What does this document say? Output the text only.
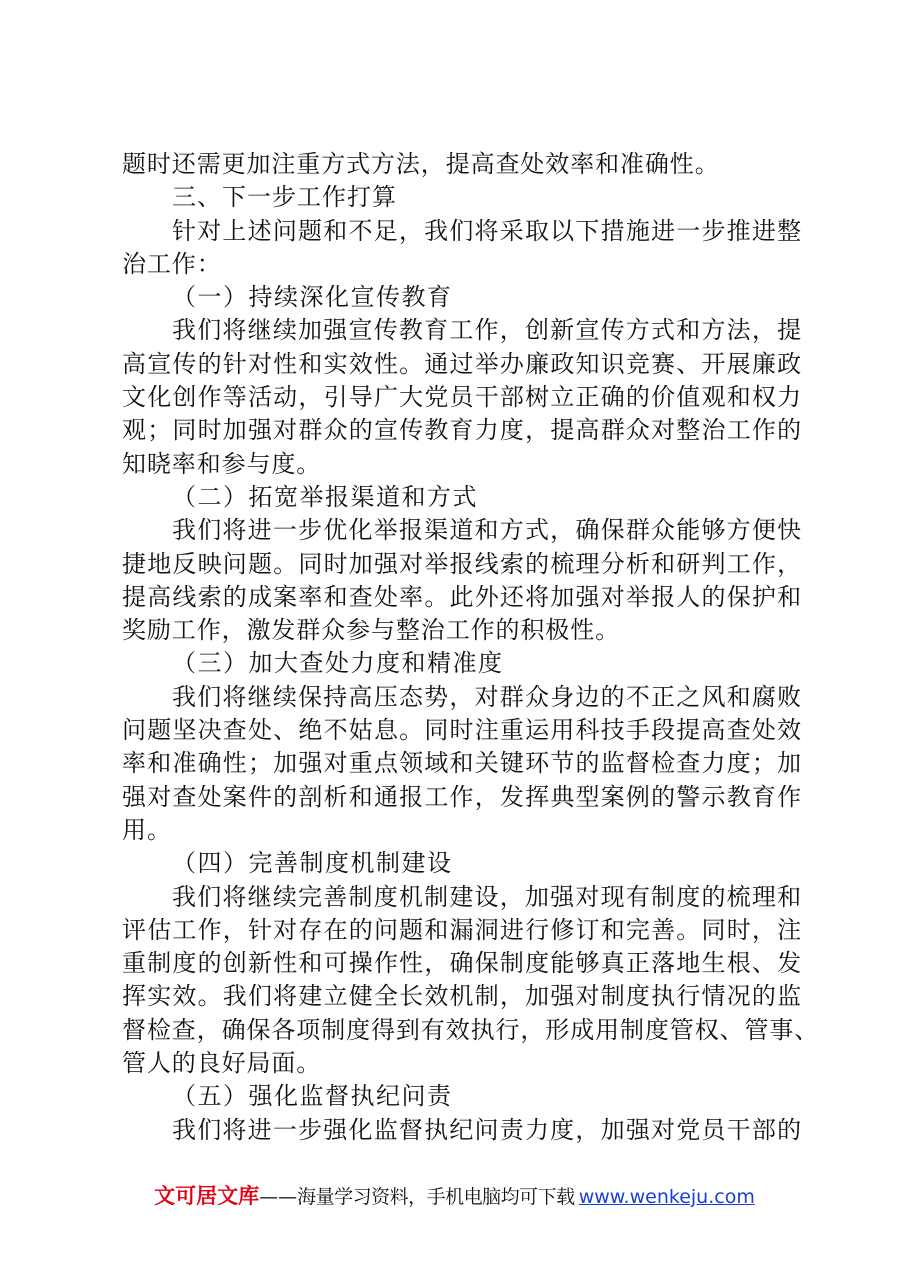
题时还需更加注重方式方法，提高查处效率和准确性。
三、下一步工作打算
针对上述问题和不足，我们将采取以下措施进一步推进整
治工作：
（一）持续深化宣传教育
我们将继续加强宣传教育工作，创新宣传方式和方法，提
高宣传的针对性和实效性。通过举办廉政知识竞赛、开展廉政
文化创作等活动，引导广大党员干部树立正确的价值观和权力
观；同时加强对群众的宣传教育力度，提高群众对整治工作的
知晓率和参与度。
（二）拓宽举报渠道和方式
我们将进一步优化举报渠道和方式，确保群众能够方便快
捷地反映问题。同时加强对举报线索的梳理分析和研判工作，
提高线索的成案率和查处率。此外还将加强对举报人的保护和
奖励工作，激发群众参与整治工作的积极性。
（三）加大查处力度和精准度
我们将继续保持高压态势，对群众身边的不正之风和腐败
问题坚决查处、绝不姑息。同时注重运用科技手段提高查处效
率和准确性；加强对重点领域和关键环节的监督检查力度；加
强对查处案件的剖析和通报工作，发挥典型案例的警示教育作
用。
（四）完善制度机制建设
我们将继续完善制度机制建设，加强对现有制度的梳理和
评估工作，针对存在的问题和漏洞进行修订和完善。同时，注
重制度的创新性和可操作性，确保制度能够真正落地生根、发
挥实效。我们将建立健全长效机制，加强对制度执行情况的监
督检查，确保各项制度得到有效执行，形成用制度管权、管事、
管人的良好局面。
（五）强化监督执纪问责
我们将进一步强化监督执纪问责力度，加强对党员干部的
文可居文库——海量学习资料，手机电脑均可下载 www.wenkeju.com
